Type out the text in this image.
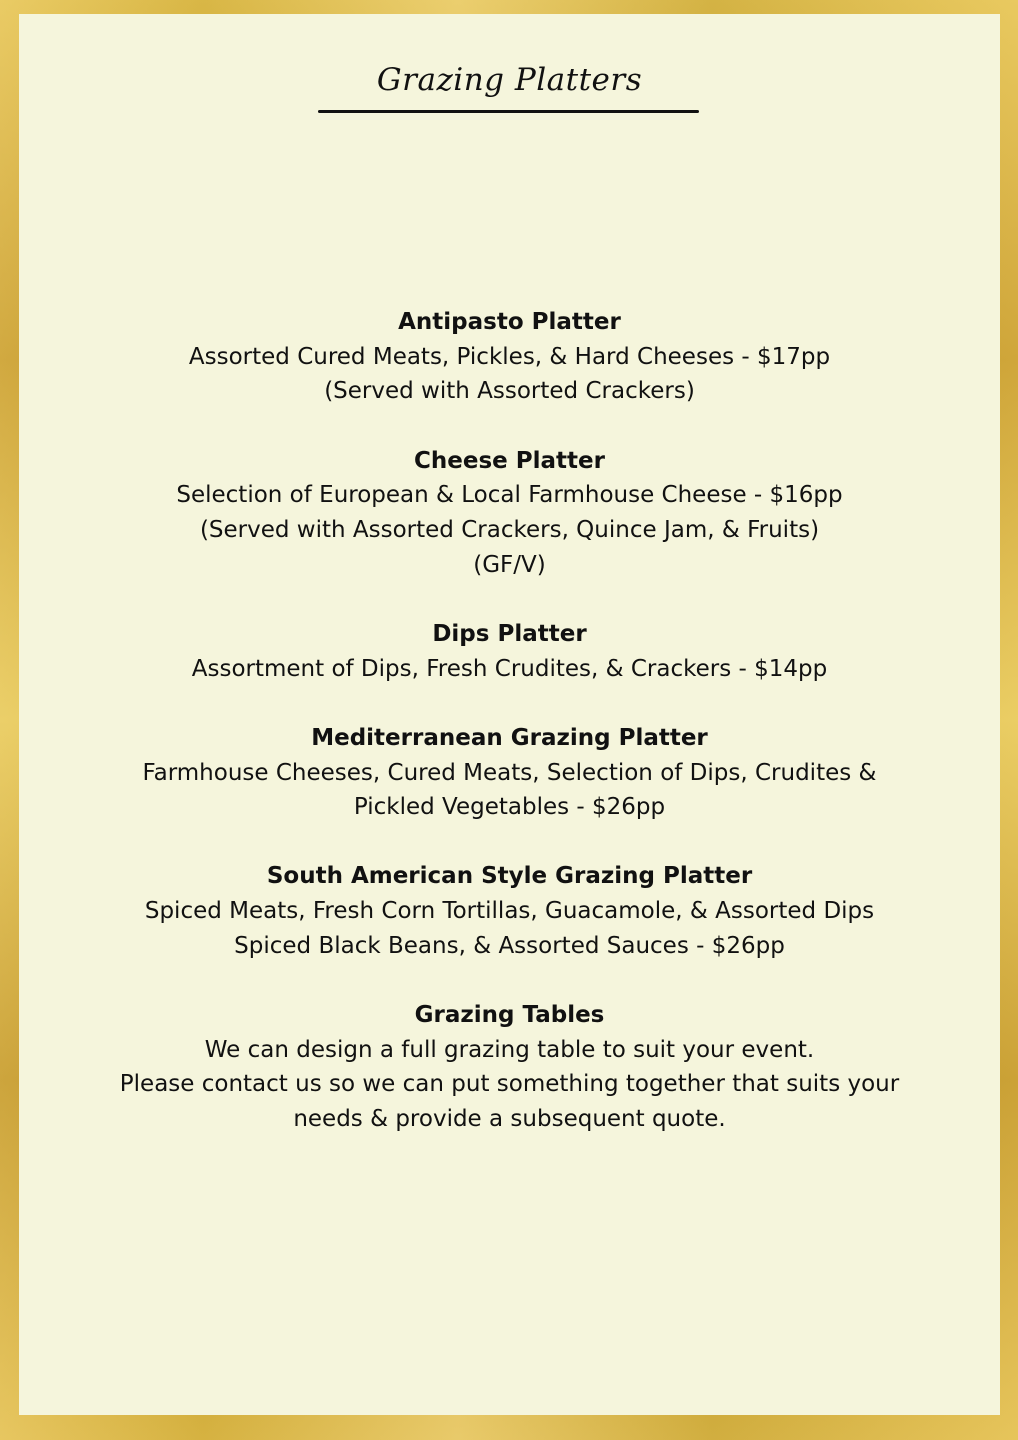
Grazing Platters
Antipasto Platter
Assorted Cured Meats, Pickles, & Hard Cheeses - $17pp
(Served with Assorted Crackers)
Cheese Platter
Selection of European & Local Farmhouse Cheese - $16pp
(Served with Assorted Crackers, Quince Jam, & Fruits)
(GF/V)
Dips Platter
Assortment of Dips, Fresh Crudites, & Crackers - $14pp
Mediterranean Grazing Platter
Farmhouse Cheeses, Cured Meats, Selection of Dips, Crudites &
Pickled Vegetables - $26pp
South American Style Grazing Platter
Spiced Meats, Fresh Corn Tortillas, Guacamole, & Assorted Dips
Spiced Black Beans, & Assorted Sauces - $26pp
Grazing Tables
We can design a full grazing table to suit your event.
Please contact us so we can put something together that suits your
needs & provide a subsequent quote.
